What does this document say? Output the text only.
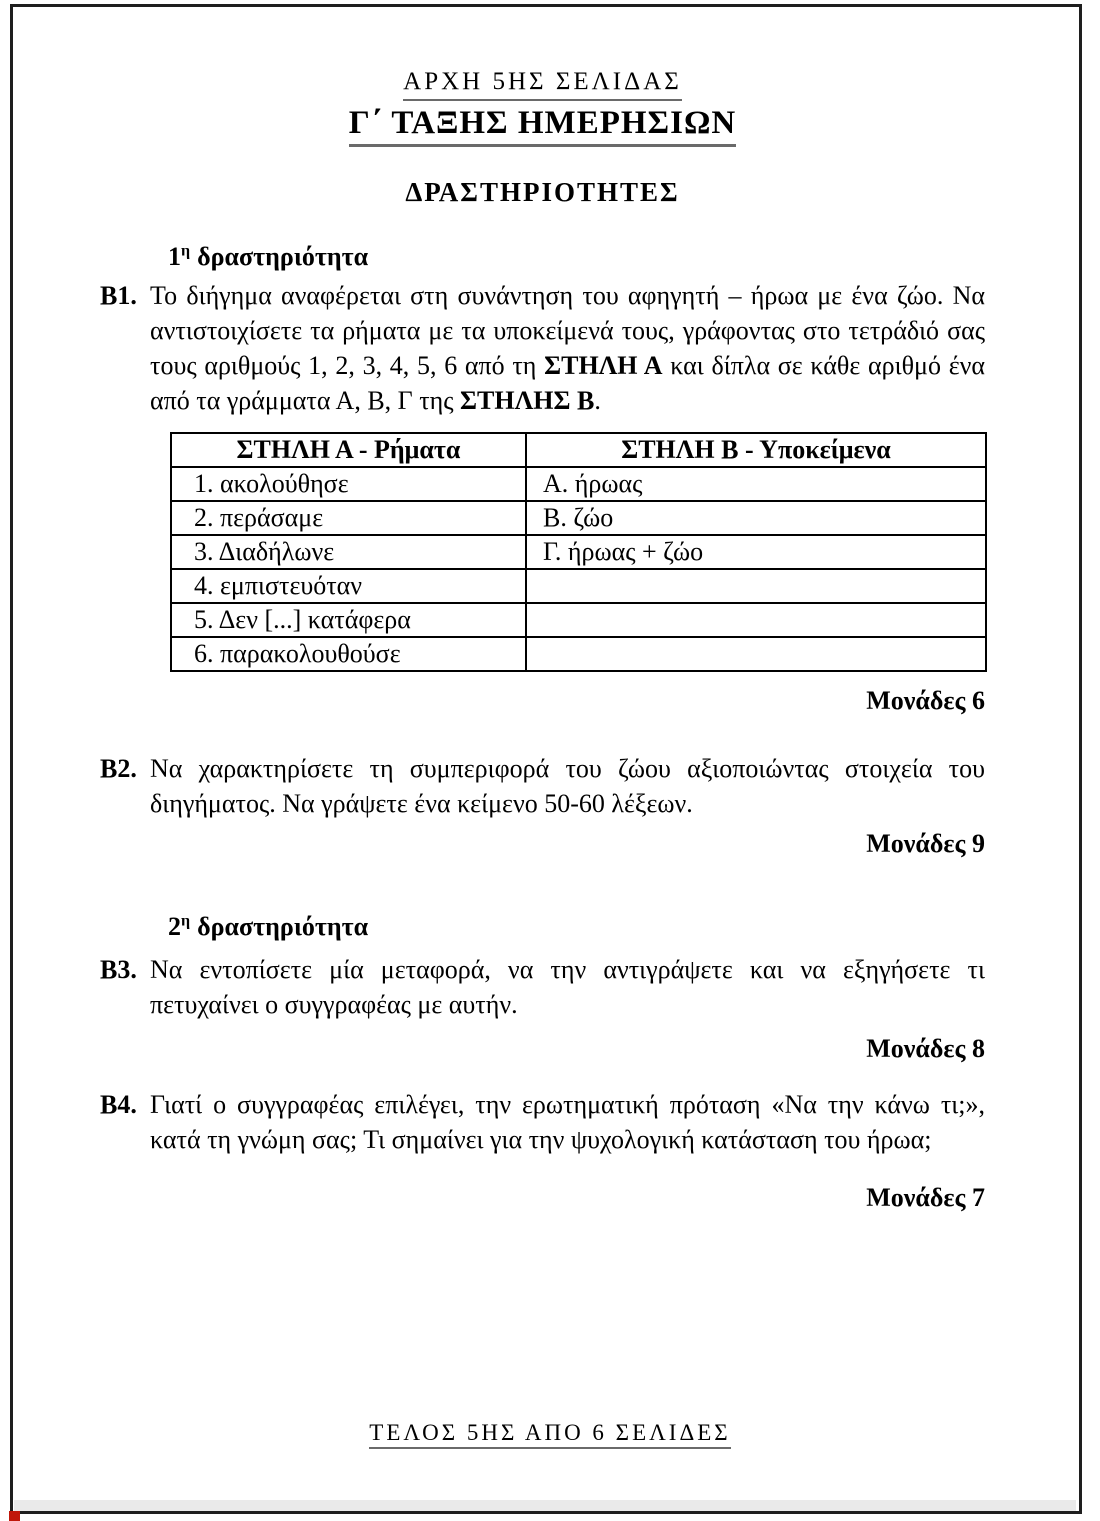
ΑΡΧΗ 5ΗΣ ΣΕΛΙΔΑΣ
Γ΄ ΤΑΞΗΣ ΗΜΕΡΗΣΙΩΝ
ΔΡΑΣΤΗΡΙΟΤΗΤΕΣ
$1^\eta$ δραστηριότητα
Β1. Το διήγημα αναφέρεται στη συνάντηση του αφηγητή – ήρωα με ένα ζώο. Να αντιστοιχίσετε τα ρήματα με τα υποκείμενά τους, γράφοντας στο τετράδιό σας τους αριθμούς 1, 2, 3, 4, 5, 6 από τη ΣΤΗΛΗ Α και δίπλα σε κάθε αριθμό ένα από τα γράμματα Α, Β, Γ της ΣΤΗΛΗΣ Β.
ΣΤΗΛΗ Α - Ρήματα	ΣΤΗΛΗ Β - Υποκείμενα
1. ακολούθησε	Α. ήρωας
2. περάσαμε	Β. ζώο
3. Διαδήλωνε	Γ. ήρωας + ζώο
4. εμπιστευόταν	
5. Δεν [...] κατάφερα	
6. παρακολουθούσε	
Μονάδες 6
Β2. Να χαρακτηρίσετε τη συμπεριφορά του ζώου αξιοποιώντας στοιχεία του διηγήματος. Να γράψετε ένα κείμενο 50-60 λέξεων.
Μονάδες 9
$2^\eta$ δραστηριότητα
Β3. Να εντοπίσετε μία μεταφορά, να την αντιγράψετε και να εξηγήσετε τι πετυχαίνει ο συγγραφέας με αυτήν.
Μονάδες 8
Β4. Γιατί ο συγγραφέας επιλέγει, την ερωτηματική πρόταση «Να την κάνω τι;», κατά τη γνώμη σας; Τι σημαίνει για την ψυχολογική κατάσταση του ήρωα;
Μονάδες 7
ΤΕΛΟΣ 5ΗΣ ΑΠΟ 6 ΣΕΛΙΔΕΣ
